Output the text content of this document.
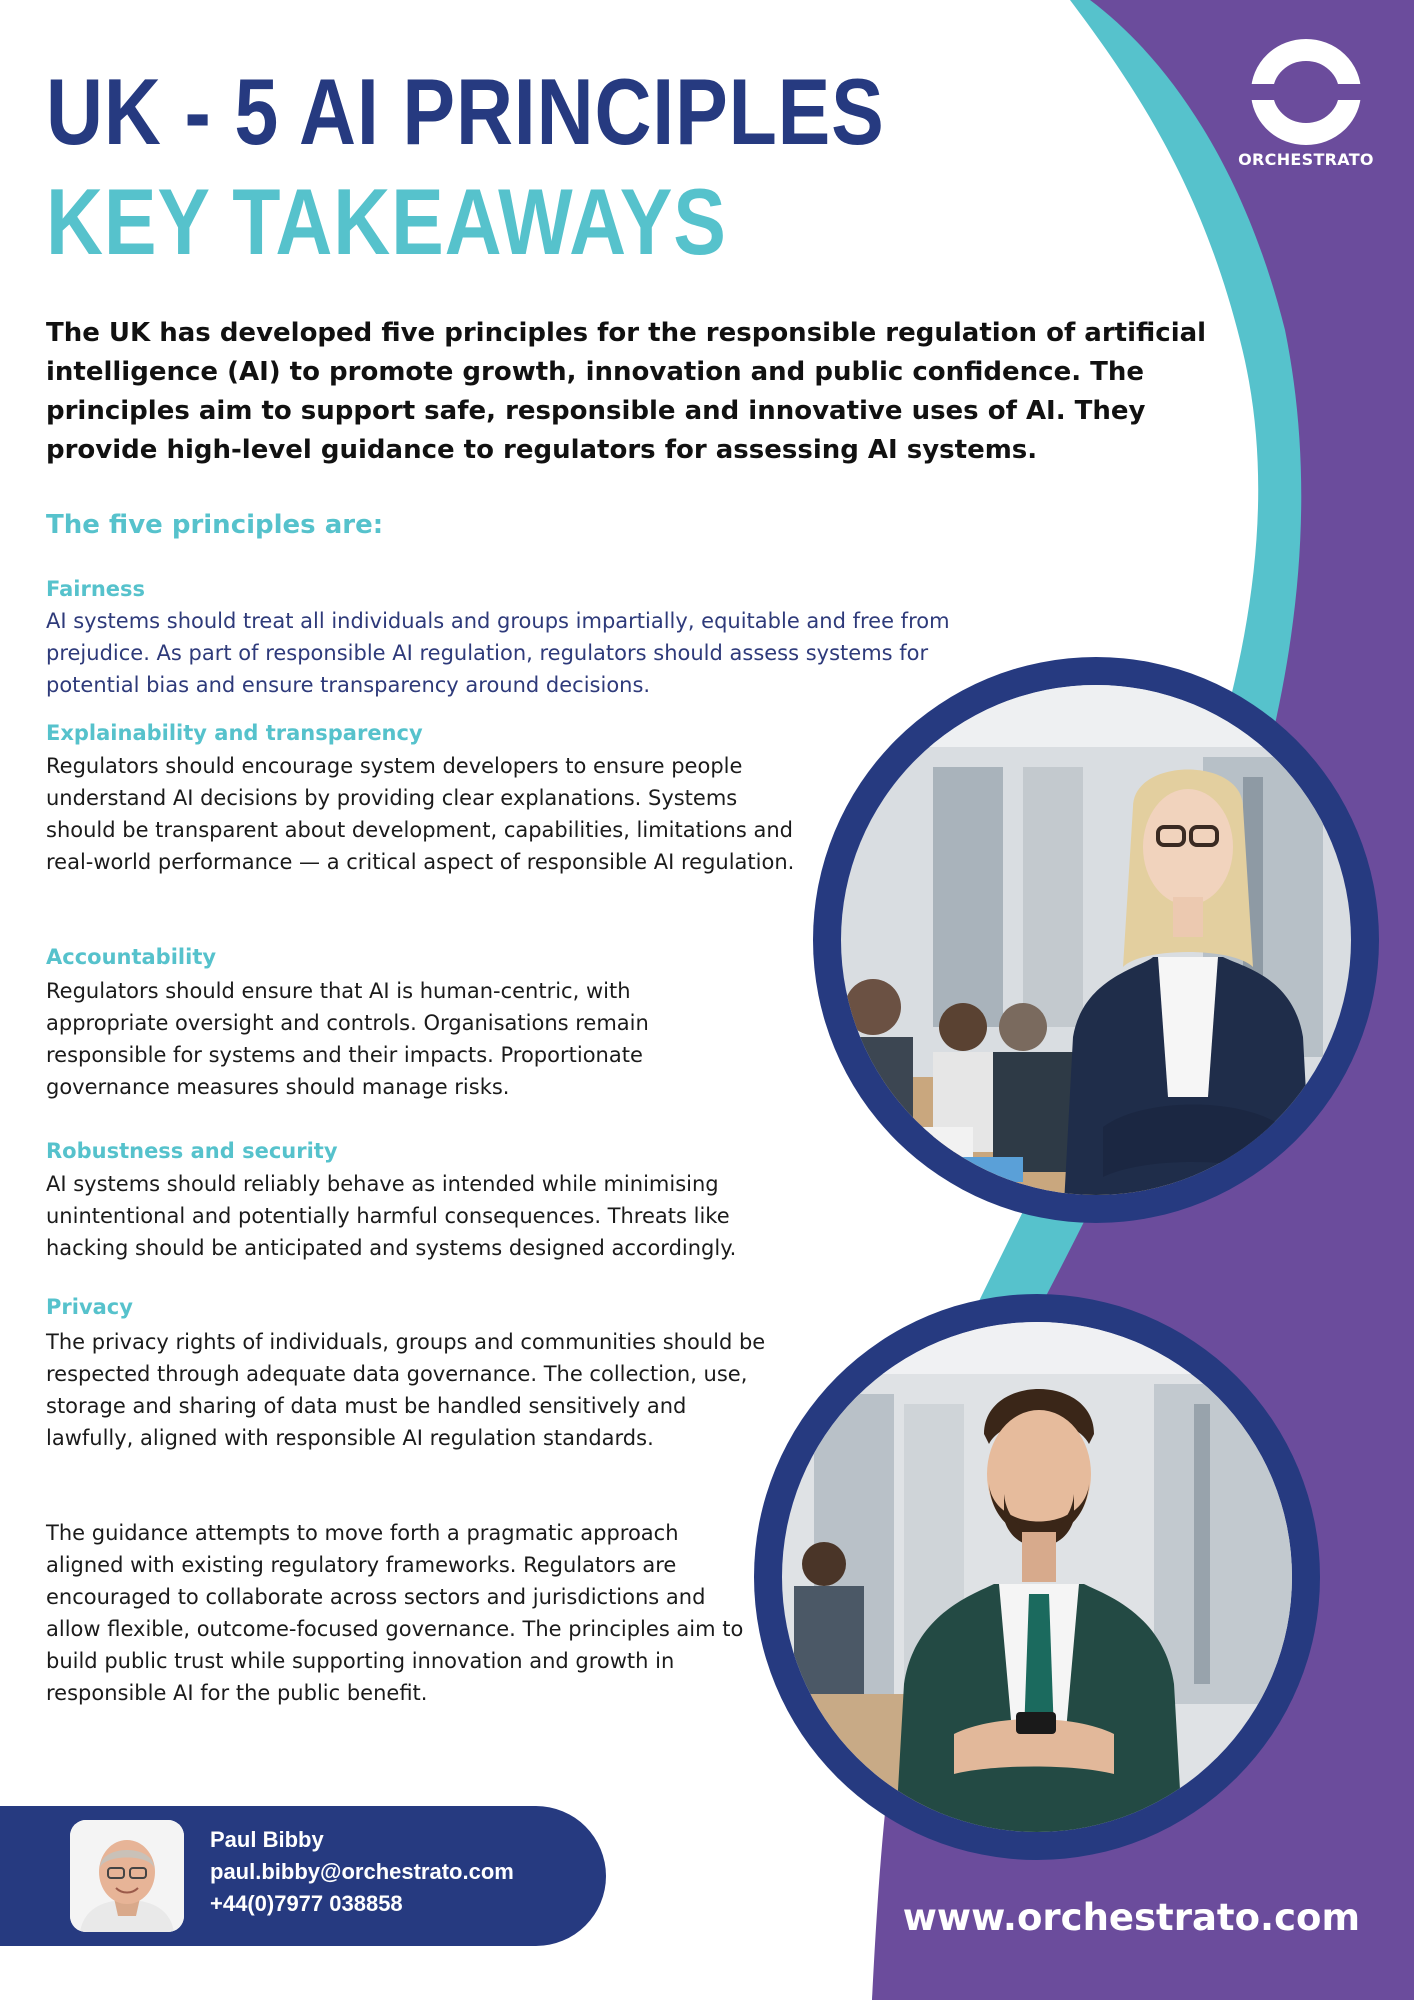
UK - 5 AI PRINCIPLES
KEY TAKEAWAYS
ORCHESTRATO

The UK has developed five principles for the responsible regulation of artificial intelligence (AI) to promote growth, innovation and public confidence. The principles aim to support safe, responsible and innovative uses of AI. They provide high-level guidance to regulators for assessing AI systems.

The five principles are:
Fairness

AI systems should treat all individuals and groups impartially, equitable and free from prejudice. As part of responsible AI regulation, regulators should assess systems for potential bias and ensure transparency around decisions.

Explainability and transparency

Regulators should encourage system developers to ensure people understand AI decisions by providing clear explanations. Systems should be transparent about development, capabilities, limitations and real-world performance — a critical aspect of responsible AI regulation.

Accountability

Regulators should ensure that AI is human-centric, with appropriate oversight and controls. Organisations remain responsible for systems and their impacts. Proportionate governance measures should manage risks.

Robustness and security

AI systems should reliably behave as intended while minimising unintentional and potentially harmful consequences. Threats like hacking should be anticipated and systems designed accordingly.

Privacy

The privacy rights of individuals, groups and communities should be respected through adequate data governance. The collection, use, storage and sharing of data must be handled sensitively and lawfully, aligned with responsible AI regulation standards.

The guidance attempts to move forth a pragmatic approach aligned with existing regulatory frameworks. Regulators are encouraged to collaborate across sectors and jurisdictions and allow flexible, outcome-focused governance. The principles aim to build public trust while supporting innovation and growth in responsible AI for the public benefit.

Paul Bibby
paul.bibby@orchestrato.com
+44(0)7977 038858	www.orchestrato.com
